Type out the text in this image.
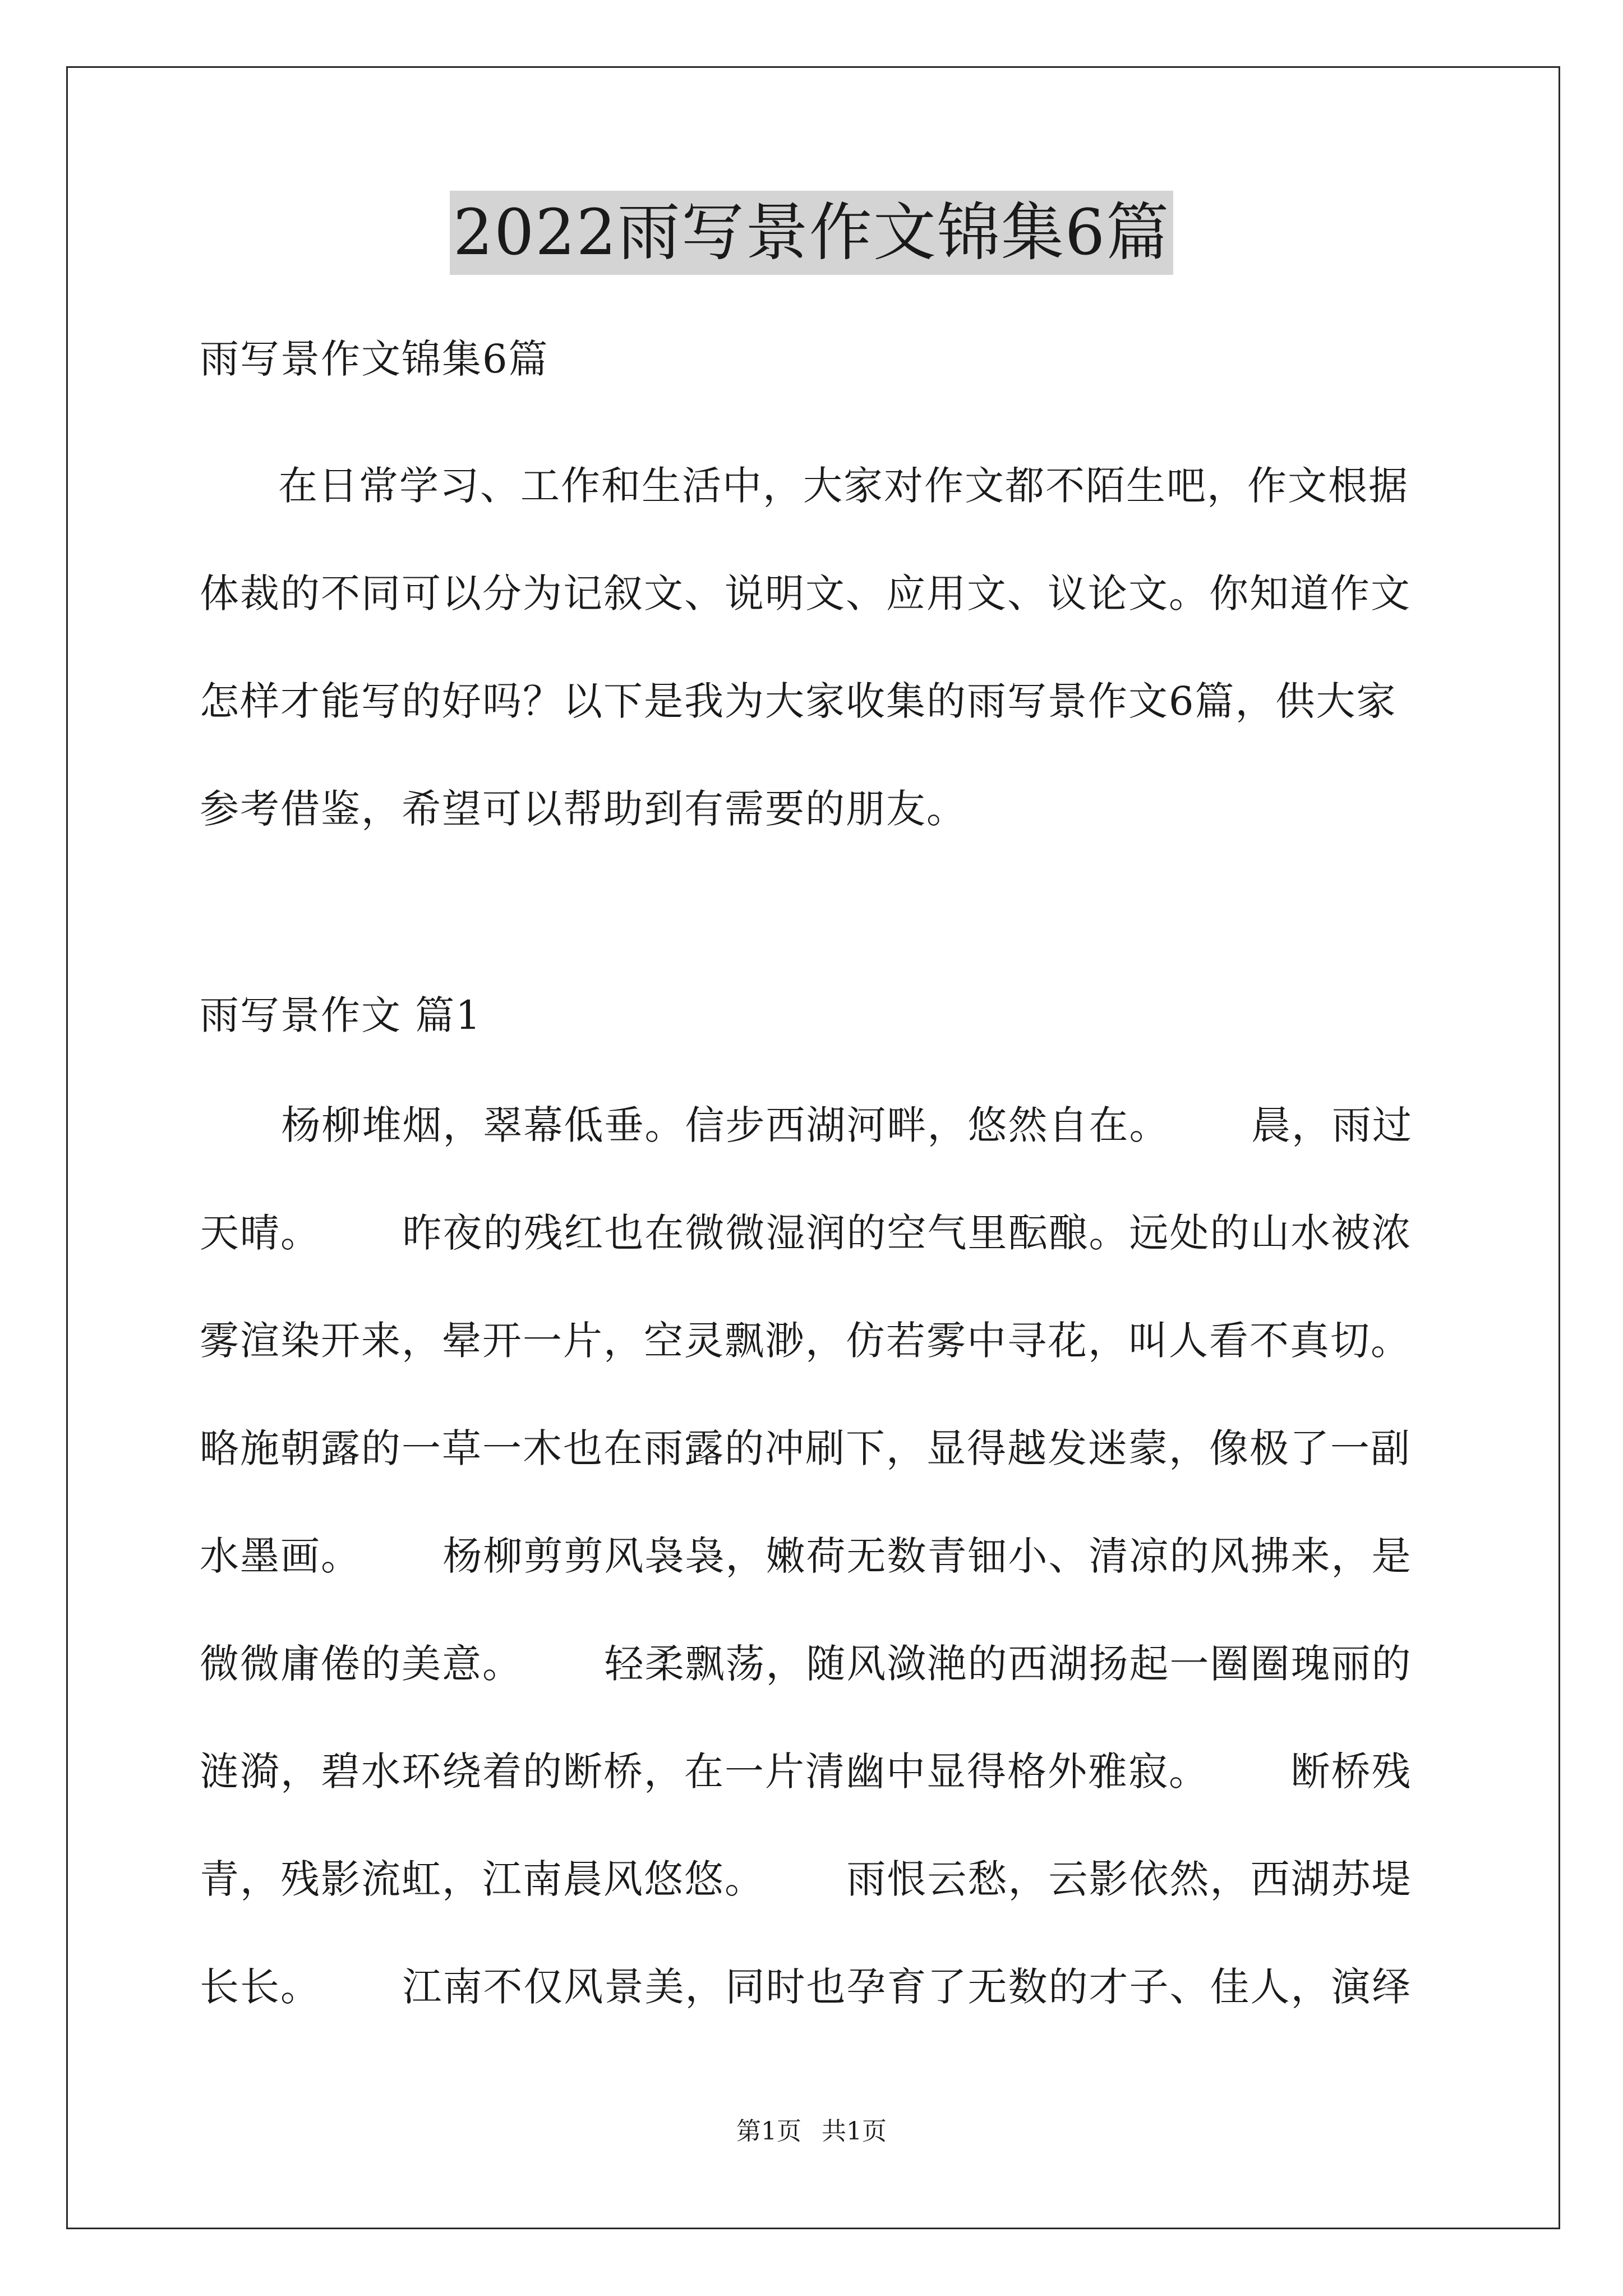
2022雨写景作文锦集6篇
雨写景作文锦集6篇
在日常学习、工作和生活中，大家对作文都不陌生吧，作文根据体裁的不同可以分为记叙文、说明文、应用文、议论文。你知道作文怎样才能写的好吗？以下是我为大家收集的雨写景作文6篇，供大家参考借鉴，希望可以帮助到有需要的朋友。
雨写景作文 篇1
杨柳堆烟，翠幕低垂。信步西湖河畔，悠然自在。      晨，雨过天晴。      昨夜的残红也在微微湿润的空气里酝酿。远处的山水被浓雾渲染开来，晕开一片，空灵飘渺，仿若雾中寻花，叫人看不真切。略施朝露的一草一木也在雨露的冲刷下，显得越发迷蒙，像极了一副水墨画。      杨柳剪剪风袅袅，嫩荷无数青钿小、清凉的风拂来，是微微庸倦的美意。      轻柔飘荡，随风潋滟的西湖扬起一圈圈瑰丽的涟漪，碧水环绕着的断桥，在一片清幽中显得格外雅寂。      断桥残青，残影流虹，江南晨风悠悠。      雨恨云愁，云影依然，西湖苏堤长长。      江南不仅风景美，同时也孕育了无数的才子、佳人，演绎
第1页 共1页
